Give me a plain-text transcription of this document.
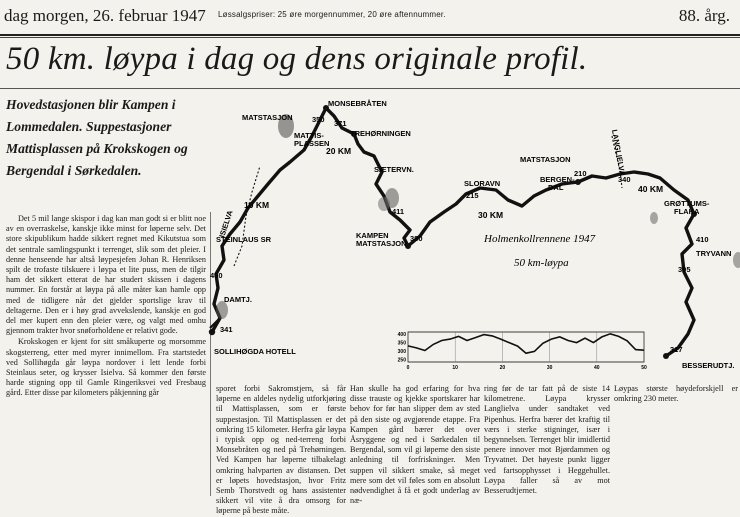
dag morgen, 26. februar 1947 Løssalgspriser: 25 øre morgennummer, 20 øre aftennummer.	88. årg.
50 km. løypa i dag og dens originale profil.
Hovedstasjonen blir Kampen i Lommedalen. Suppestasjoner Mattisplassen på Krokskogen og Bergendal i Sørkedalen.

Det 5 mil lange skispor i dag kan man godt si er blitt noe av en overraskelse, kanskje ikke minst for løperne selv. Det store skipublikum hadde sikkert regnet med Kikutstua som det sentrale samlingspunkt i terrenget, slik som det pleier. I denne henseende har altså løypesjefen Johan R. Henriksen spilt de trofaste tilskuere i løypa et lite puss, men de tilgir ham det sikkert etterat de har studert skissen i dagens nummer. En forstår at løypa på alle måter kan hamle opp med de tidligere når det gjelder sportslige krav til deltagerne. Den er i høy grad avvekslende, kanskje en god del mer kupert enn den pleier være, og valgt med omhu gjennom trakter hvor snøforholdene er relativt gode.

Krokskogen er kjent for sitt småkuperte og morsomme skogsterreng, etter med myrer innimellom. Fra startstedet ved Sollihøgda går løypa nordover i lett lende forbi Steinlaus seter, og krysser Isielva. Så kommer den første harde stigning opp til Gamle Ringeriksvei ved Fresbaug gård. Etter disse par kilometers påkjenning går

MATSTASJON
MATTIS-
PLASSEN
MONSEBRÅTEN
TREHØRNINGEN
20 KM
10 KM
ISIELVA
STEINLAUS SR
DAMTJ.
SOLLIHØGDA HOTELL
SÆTERVN.
KAMPEN
MATSTASJON
SLORAVN
30 KM
MATSTASJON
BERGEN-
DAL
LANGLIELVA
40 KM
GRØTTUMS-
FLAKA
TRYVANN
BESSERUDTJ.
350 371
411
380
215
210
340
410
395
317
400
341
Holmenkollrennene 1947
50 km-løypa
400
350
300
250
0	10	20	30	40	50
sporet forbi Sakromstjern, så får løperne en aldeles nydelig utforkjøring til Mattisplassen, som er første suppestasjon. Til Mattisplassen er det omkring 15 kilometer. Herfra går løypa i typisk opp og ned-terreng forbi Monsebråten og ned på Trehørningen. Ved Kampen har løperne tilbakelagt omkring halvparten av distansen. Det er løpets hovedstasjon, hvor Fritz Semb Thorstvedt og hans assistenter sikkert vil vite å dra omsorg for løperne på beste måte.
Han skulle ha god erfaring for hva disse trauste og kjekke sportskarer har behov for før han slipper dem av sted på den siste og avgjørende etappe. Fra Kampen gård bærer det over Åsryggene og ned i Sørkedalen til Bergendal, som vil gi løperne den siste anledning til forfriskninger. Men suppen vil sikkert smake, så meget mere som det vil føles som en absolutt nødvendighet å få et godt underlag av næ-
ring før de tar fatt på de siste 14 kilometrene. Løypa krysser Langlielva under sandtaket ved Pipenhus. Herfra bærer det kraftig til værs i sterke stigninger, især i begynnelsen. Terrenget blir imidlertid penere innover mot Bjørdammen og Tryvatnet. Det høyeste punkt ligger ved fartsopphysset i Heggehullet. Løypa faller så av mot Besserudtjernet.
Løypas største høydeforskjell er omkring 230 meter.
